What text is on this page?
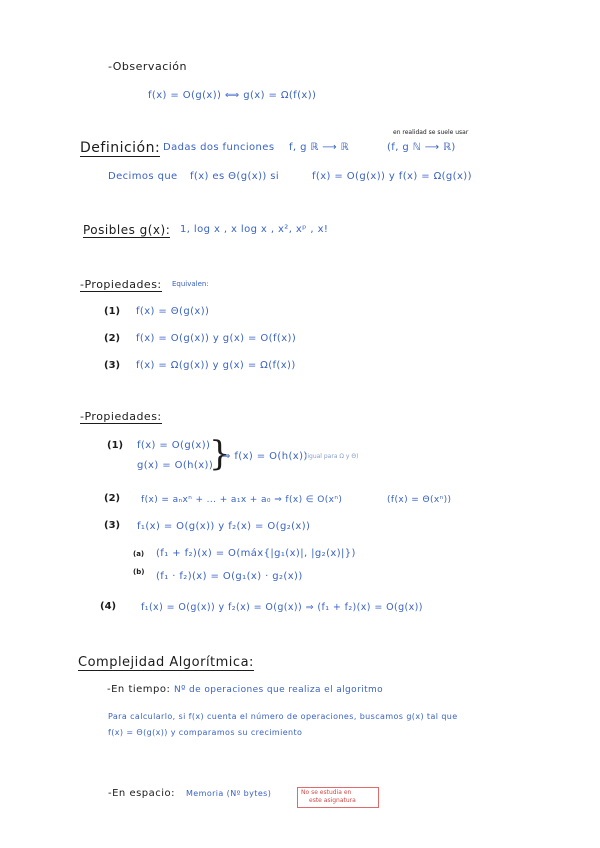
-Observación
f(x) = O(g(x)) ⟺ g(x) = Ω(f(x))
Definición: Dadas dos funciones f, g ℝ ⟶ ℝ
en realidad se suele usar
(f, g ℕ ⟶ ℝ)
Decimos que f(x) es Θ(g(x)) si	f(x) = O(g(x)) y f(x) = Ω(g(x))
Posibles g(x): 1, log x , x log x , x², xᵖ , x!
-Propiedades: Equivalen:
(1) f(x) = Θ(g(x))
(2) f(x) = O(g(x)) y g(x) = O(f(x))
(3) f(x) = Ω(g(x)) y g(x) = Ω(f(x))
-Propiedades:
(1) f(x) = O(g(x))
g(x) = O(h(x))
}
⇒ f(x) = O(h(x))
(igual para Ω y Θ)
(2) f(x) = aₙxⁿ + ... + a₁x + a₀ ⇒ f(x) ∈ O(xⁿ)	(f(x) = Θ(xⁿ))
(3) f₁(x) = O(g(x)) y f₂(x) = O(g₂(x))
(a) (f₁ + f₂)(x) = O(máx{|g₁(x)|, |g₂(x)|})
(b) (f₁ · f₂)(x) = O(g₁(x) · g₂(x))
(4)	f₁(x) = O(g(x)) y f₂(x) = O(g(x)) ⇒ (f₁ + f₂)(x) = O(g(x))
Complejidad Algorítmica:
-En tiempo: Nº de operaciones que realiza el algoritmo
Para calcularlo, si f(x) cuenta el número de operaciones, buscamos g(x) tal que
f(x) = Θ(g(x)) y comparamos su crecimiento
-En espacio: Memoria (Nº bytes)	No se estudia en
este asignatura
